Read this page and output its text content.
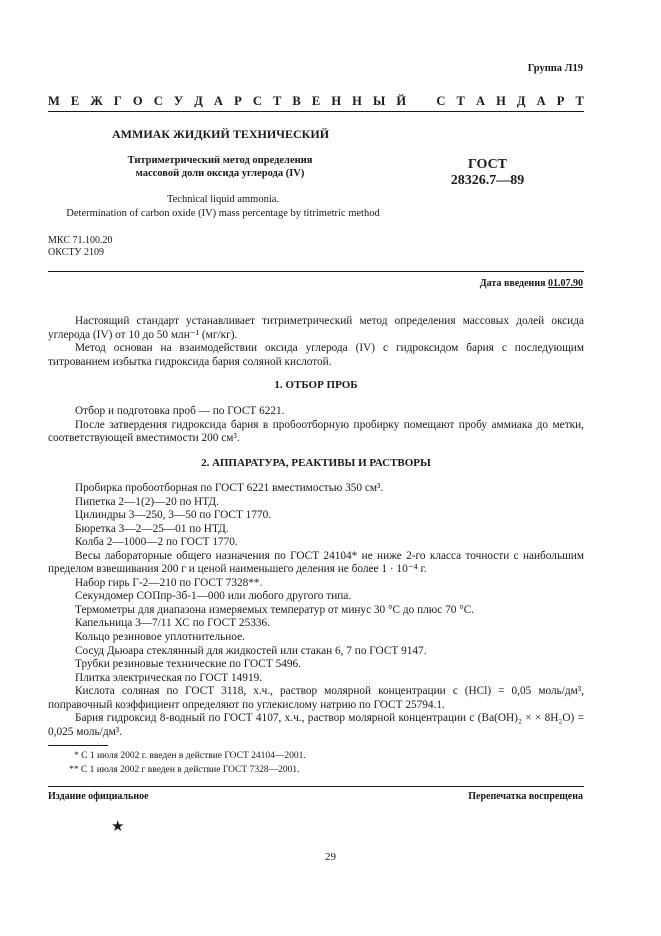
Группа Л19
М Е Ж Г О С У Д А Р С Т В Е Н Н Ы Й С Т А Н Д А Р Т
АММИАК ЖИДКИЙ ТЕХНИЧЕСКИЙ
Титриметрический метод определения
массовой доли оксида углерода (IV)
ГОСТ
28326.7—89
Technical liquid ammonia.
Determination of carbon oxide (IV) mass percentage by titrimetric method
МКС 71.100.20
ОКСТУ 2109
Дата введения 01.07.90

Настоящий стандарт устанавливает титриметрический метод определения массовых долей оксида углерода (IV) от 10 до 50 млн⁻¹ (мг/кг).

Метод основан на взаимодействии оксида углерода (IV) с гидроксидом бария с последующим титрованием избытка гидроксида бария соляной кислотой.

1. ОТБОР ПРОБ

Отбор и подготовка проб — по ГОСТ 6221.

После затвердения гидроксида бария в пробоотборную пробирку помещают пробу аммиака до метки, соответствующей вместимости 200 см³.

2. АППАРАТУРА, РЕАКТИВЫ И РАСТВОРЫ

Пробирка пробоотборная по ГОСТ 6221 вместимостью 350 см³.

Пипетка 2—1(2)—20 по НТД.

Цилиндры 3—250, 3—50 по ГОСТ 1770.

Бюретка 3—2—25—01 по НТД.

Колба 2—1000—2 по ГОСТ 1770.

Весы лабораторные общего назначения по ГОСТ 24104* не ниже 2-го класса точности с наибольшим пределом взвешивания 200 г и ценой наименьшего деления не более 1 · 10⁻⁴ г.

Набор гирь Г-2—210 по ГОСТ 7328**.

Секундомер СОПпр-3б-1—000 или любого другого типа.

Термометры для диапазона измеряемых температур от минус 30 °С до плюс 70 °С.

Капельница 3—7/11 ХС по ГОСТ 25336.

Кольцо резиновое уплотнительное.

Сосуд Дьюара стеклянный для жидкостей или стакан 6, 7 по ГОСТ 9147.

Трубки резиновые технические по ГОСТ 5496.

Плитка электрическая по ГОСТ 14919.

Кислота соляная по ГОСТ 3118, х.ч., раствор молярной концентрации c (HCl) = 0,05 моль/дм³, поправочный коэффициент определяют по углекислому натрию по ГОСТ 25794.1.

Бария гидроксид 8-водный по ГОСТ 4107, х.ч., раствор молярной концентрации c (Ba(OH)₂ × × 8H₂O) = 0,025 моль/дм³.

* С 1 июля 2002 г. введен в действие ГОСТ 24104—2001.
** С 1 июля 2002 г введен в действие ГОСТ 7328—2001.
Издание официальное	Перепечатка воспрещена
★
29
